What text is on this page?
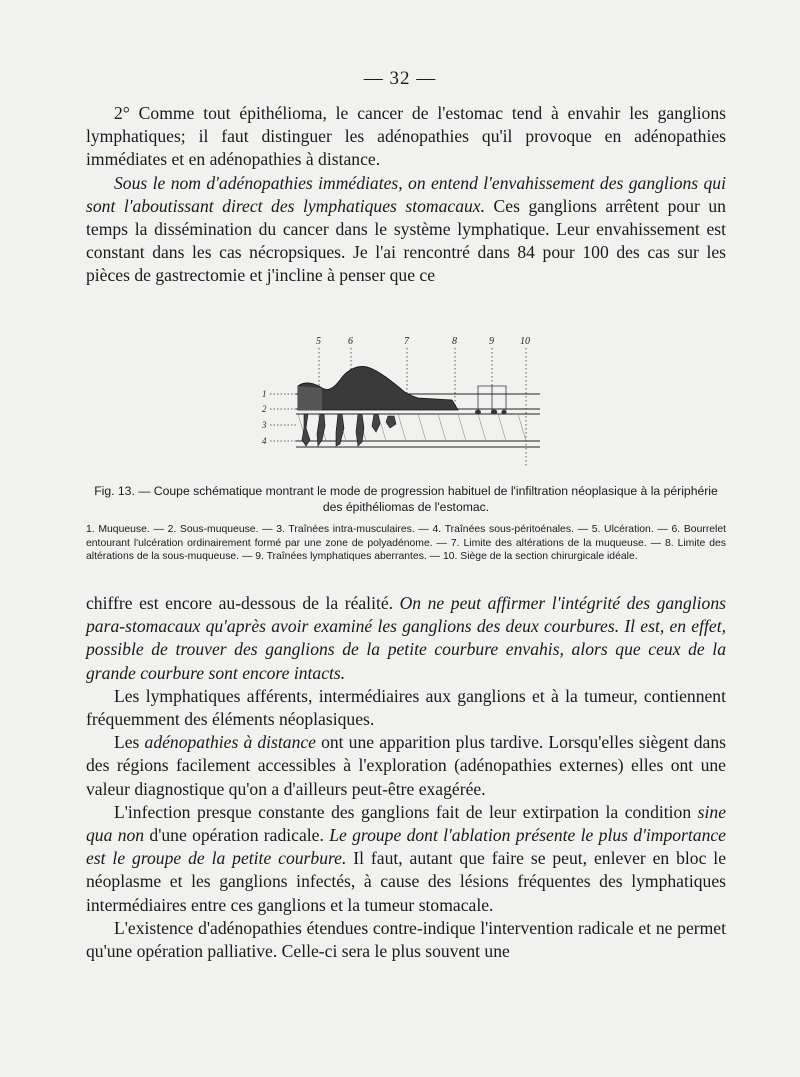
— 32 —

2° Comme tout épithélioma, le cancer de l'estomac tend à envahir les ganglions lymphatiques; il faut distinguer les adénopathies qu'il provoque en adénopathies immédiates et en adénopathies à distance.

Sous le nom d'adénopathies immédiates, on entend l'envahissement des ganglions qui sont l'aboutissant direct des lymphatiques stomacaux. Ces ganglions arrêtent pour un temps la dissémination du cancer dans le système lymphatique. Leur envahissement est constant dans les cas nécropsiques. Je l'ai rencontré dans 84 pour 100 des cas sur les pièces de gastrectomie et j'incline à penser que ce

5	6	7	8	9	10
1
2
3
4

Fig. 13. — Coupe schématique montrant le mode de progression habituel de l'infiltration néoplasique à la périphérie des épithéliomas de l'estomac.

1. Muqueuse. — 2. Sous-muqueuse. — 3. Traînées intra-musculaires. — 4. Traînées sous-péritoénales. — 5. Ulcération. — 6. Bourrelet entourant l'ulcération ordinairement formé par une zone de polyadénome. — 7. Limite des altérations de la muqueuse. — 8. Limite des altérations de la sous-muqueuse. — 9. Traînées lymphatiques aberrantes. — 10. Siège de la section chirurgicale idéale.

chiffre est encore au-dessous de la réalité. On ne peut affirmer l'intégrité des ganglions para-stomacaux qu'après avoir examiné les ganglions des deux courbures. Il est, en effet, possible de trouver des ganglions de la petite courbure envahis, alors que ceux de la grande courbure sont encore intacts.

Les lymphatiques afférents, intermédiaires aux ganglions et à la tumeur, contiennent fréquemment des éléments néoplasiques.

Les adénopathies à distance ont une apparition plus tardive. Lorsqu'elles siègent dans des régions facilement accessibles à l'exploration (adénopathies externes) elles ont une valeur diagnostique qu'on a d'ailleurs peut-être exagérée.

L'infection presque constante des ganglions fait de leur extirpation la condition sine qua non d'une opération radicale. Le groupe dont l'ablation présente le plus d'importance est le groupe de la petite courbure. Il faut, autant que faire se peut, enlever en bloc le néoplasme et les ganglions infectés, à cause des lésions fréquentes des lymphatiques intermédiaires entre ces ganglions et la tumeur stomacale.

L'existence d'adénopathies étendues contre-indique l'intervention radicale et ne permet qu'une opération palliative. Celle-ci sera le plus souvent une
